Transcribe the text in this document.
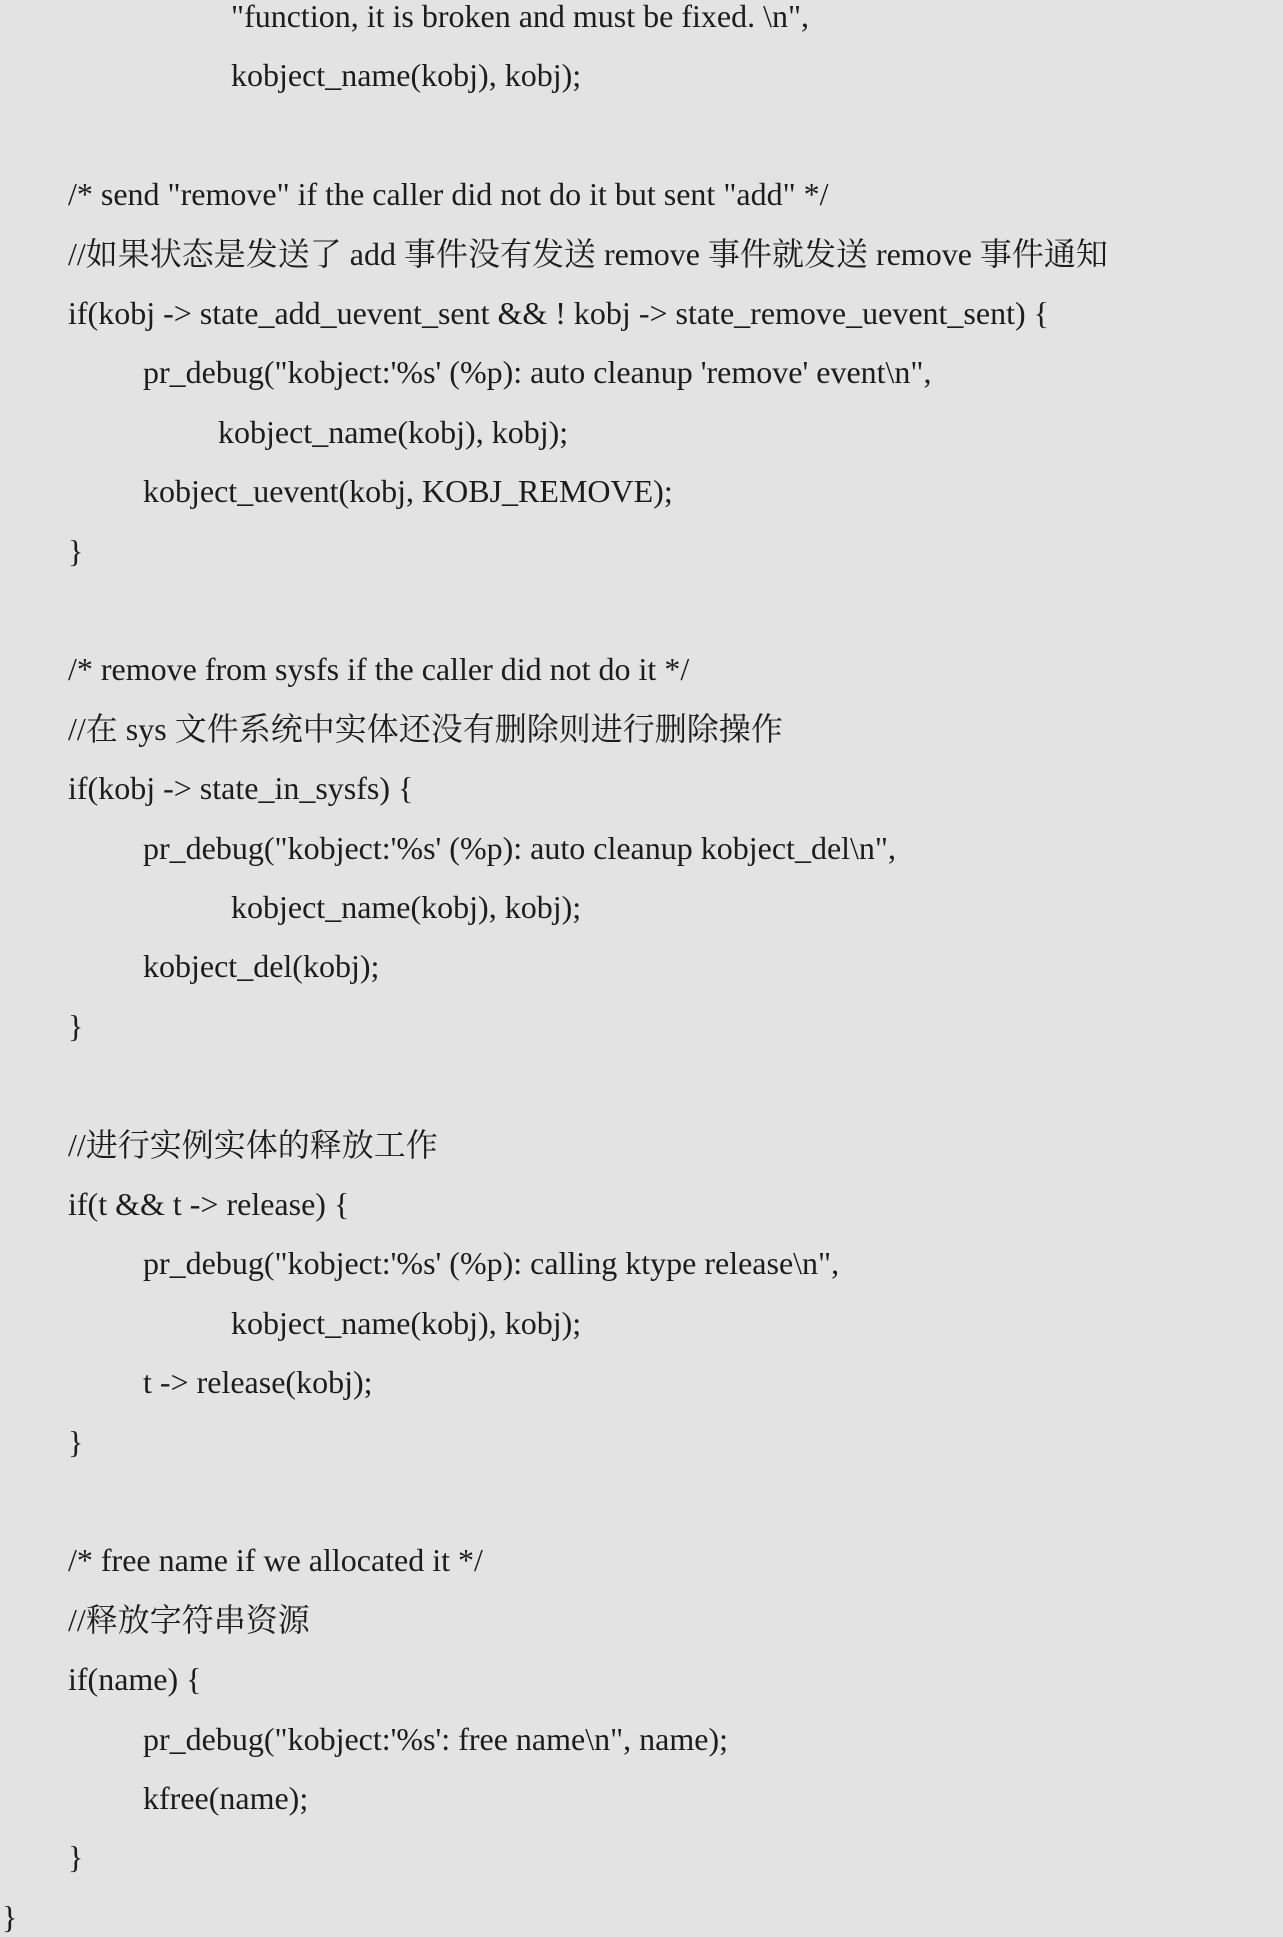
"function, it is broken and must be fixed. \n",
kobject_name(kobj), kobj);
/* send "remove" if the caller did not do it but sent "add" */
//如果状态是发送了 add 事件没有发送 remove 事件就发送 remove 事件通知
if(kobj -> state_add_uevent_sent && ! kobj -> state_remove_uevent_sent) {
pr_debug("kobject:'%s' (%p): auto cleanup 'remove' event\n",
kobject_name(kobj), kobj);
kobject_uevent(kobj, KOBJ_REMOVE);
}
/* remove from sysfs if the caller did not do it */
//在 sys 文件系统中实体还没有删除则进行删除操作
if(kobj -> state_in_sysfs) {
pr_debug("kobject:'%s' (%p): auto cleanup kobject_del\n",
kobject_name(kobj), kobj);
kobject_del(kobj);
}
//进行实例实体的释放工作
if(t && t -> release) {
pr_debug("kobject:'%s' (%p): calling ktype release\n",
kobject_name(kobj), kobj);
t -> release(kobj);
}
/* free name if we allocated it */
//释放字符串资源
if(name) {
pr_debug("kobject:'%s': free name\n", name);
kfree(name);
}
}
